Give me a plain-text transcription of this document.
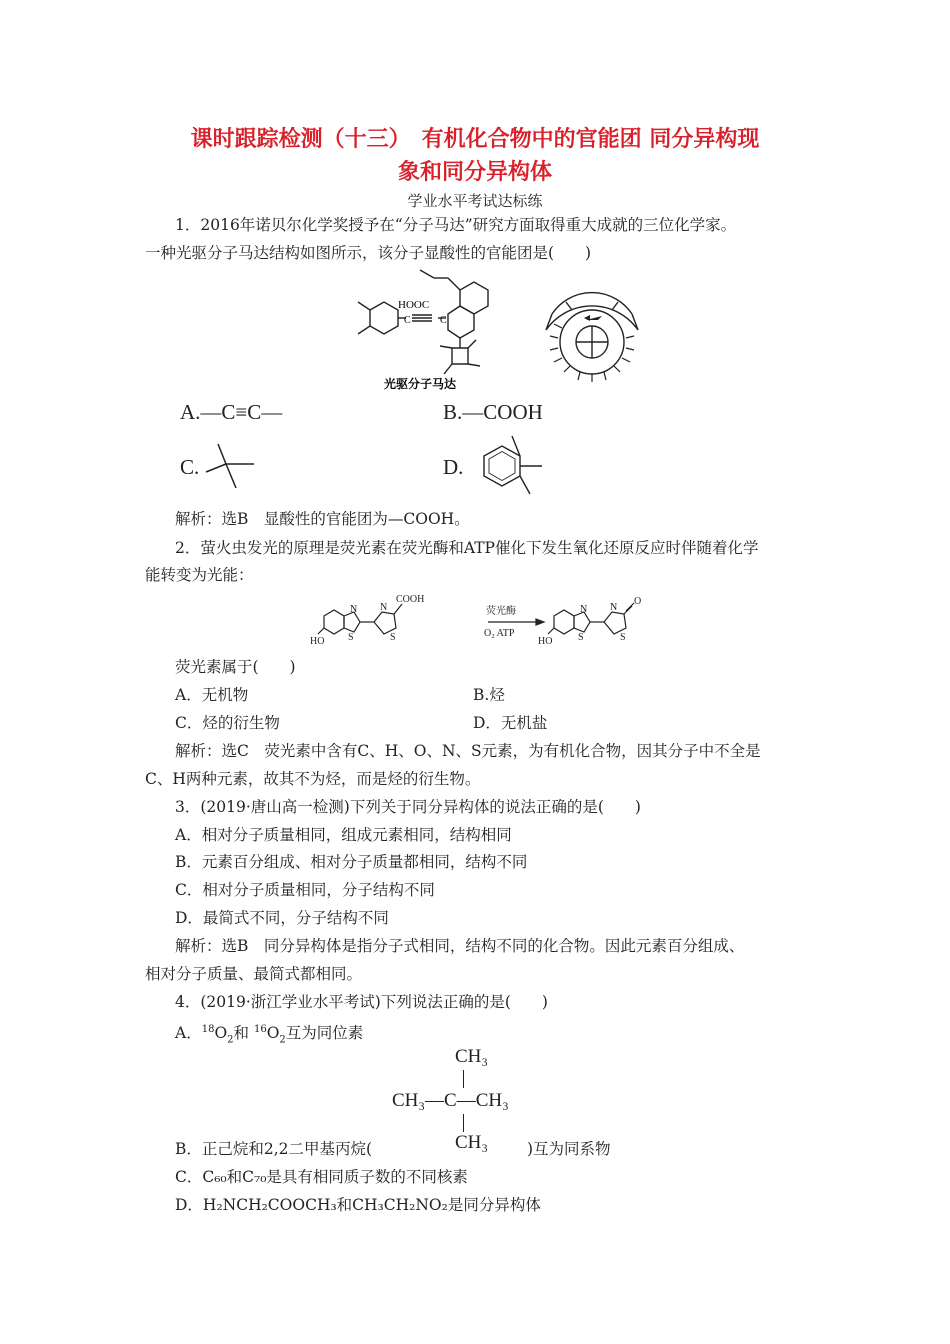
课时跟踪检测（十三）　有机化合物中的官能团 同分异构现
象和同分异构体
学业水平考试达标练
1．2016年诺贝尔化学奖授予在“分子马达”研究方面取得重大成就的三位化学家。
一种光驱分子马达结构如图所示，该分子显酸性的官能团是(　　)
HOOC
C
C
光驱分子马达
A.—C≡C—	B.—COOH
C.	D.
解析：选B　显酸性的官能团为—COOH。
2．萤火虫发光的原理是荧光素在荧光酶和ATP催化下发生氧化还原反应时伴随着化学
能转变为光能：
N
S
N
S
COOH
HO
荧光酶
O₂ ATP
N
S
N
S
O
HO
荧光素属于(　　)
A．无机物	B.烃
C．烃的衍生物	D．无机盐
解析：选C　荧光素中含有C、H、O、N、S元素，为有机化合物，因其分子中不全是
C、H两种元素，故其不为烃，而是烃的衍生物。
3．(2019·唐山高一检测)下列关于同分异构体的说法正确的是(　　)
A．相对分子质量相同，组成元素相同，结构相同
B．元素百分组成、相对分子质量都相同，结构不同
C．相对分子质量相同，分子结构不同
D．最简式不同，分子结构不同
解析：选B　同分异构体是指分子式相同，结构不同的化合物。因此元素百分组成、
相对分子质量、最简式都相同。
4．(2019·浙江学业水平考试)下列说法正确的是(　　)
A．$^{18}O_2$和 $^{16}O_2$互为同位素
CH₃
CH₃—C—CH₃
CH₃
B．正己烷和2,2二甲基丙烷(	)互为同系物
C．C₆₀和C₇₀是具有相同质子数的不同核素
D．H₂NCH₂COOCH₃和CH₃CH₂NO₂是同分异构体
